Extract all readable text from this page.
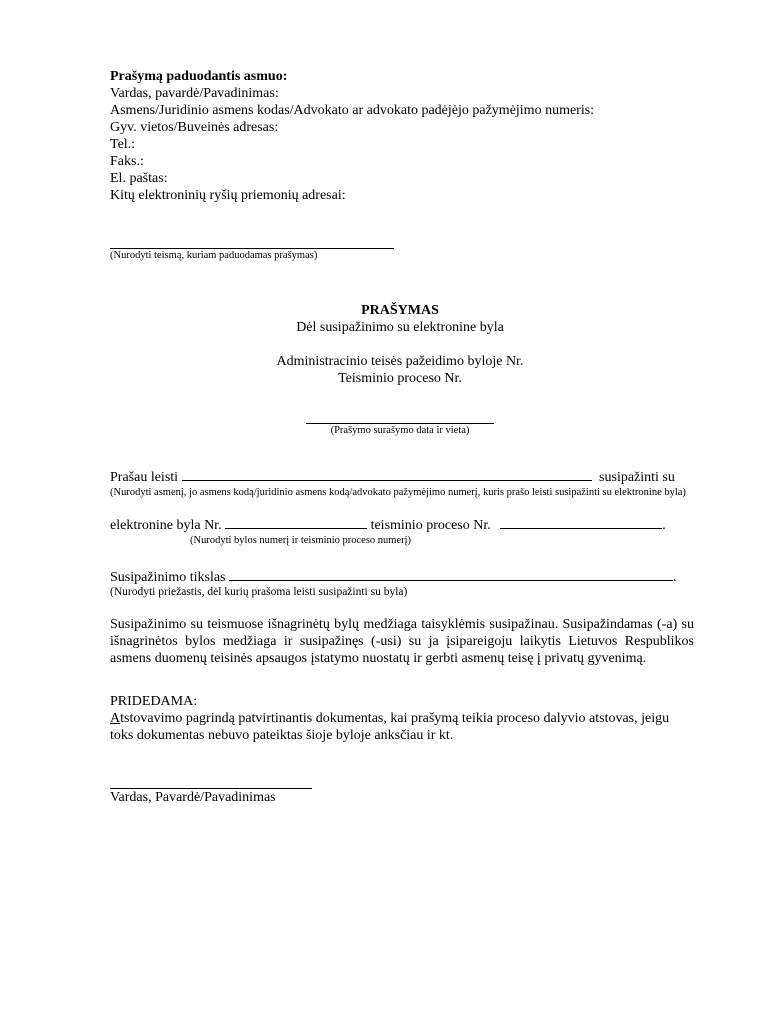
Prašymą paduodantis asmuo:
Vardas, pavardė/Pavadinimas:
Asmens/Juridinio asmens kodas/Advokato ar advokato padėjėjo pažymėjimo numeris:
Gyv. vietos/Buveinės adresas:
Tel.:
Faks.:
El. paštas:
Kitų elektroninių ryšių priemonių adresai:
(Nurodyti teismą, kuriam paduodamas prašymas)
PRAŠYMAS
Dėl susipažinimo su elektronine byla
Administracinio teisės pažeidimo byloje Nr.
Teisminio proceso Nr.
(Prašymo surašymo data ir vieta)
Prašau leisti	susipažinti su
(Nurodyti asmenį, jo asmens kodą/juridinio asmens kodą/advokato pažymėjimo numerį, kuris prašo leisti susipažinti su elektronine byla)
elektronine byla Nr.	teisminio proceso Nr.	.
(Nurodyti bylos numerį ir teisminio proceso numerį)
Susipažinimo tikslas	.
(Nurodyti priežastis, dėl kurių prašoma leisti susipažinti su byla)
Susipažinimo su teismuose išnagrinėtų bylų medžiaga taisyklėmis susipažinau. Susipažindamas (-a) su išnagrinėtos bylos medžiaga ir susipažinęs (-usi) su ja įsipareigoju laikytis Lietuvos Respublikos asmens duomenų teisinės apsaugos įstatymo nuostatų ir gerbti asmenų teisę į privatų gyvenimą.
PRIDEDAMA:
Atstovavimo pagrindą patvirtinantis dokumentas, kai prašymą teikia proceso dalyvio atstovas, jeigu toks dokumentas nebuvo pateiktas šioje byloje anksčiau ir kt.
Vardas, Pavardė/Pavadinimas
